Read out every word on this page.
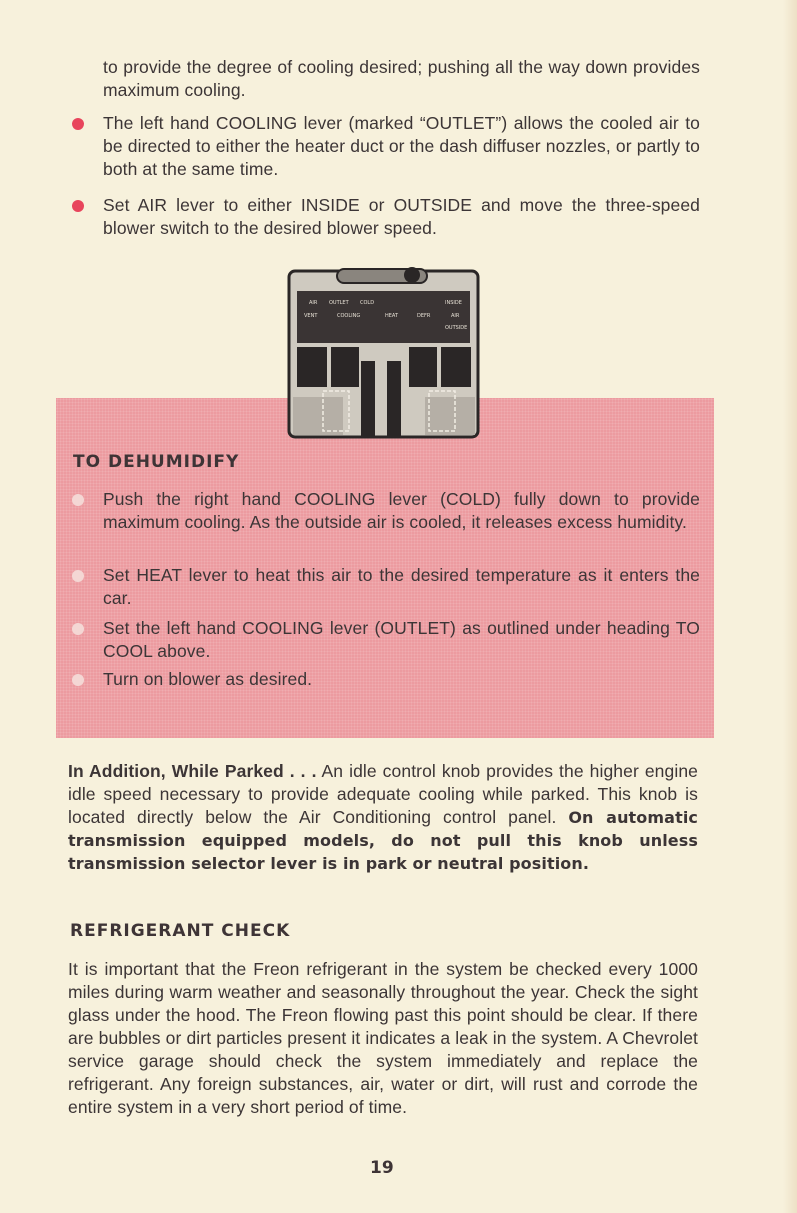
to provide the degree of cooling desired; pushing all the way down provides maximum cooling.

The left hand COOLING lever (marked “OUTLET”) allows the cooled air to be directed to either the heater duct or the dash diffuser nozzles, or partly to both at the same time.
Set AIR lever to either INSIDE or OUTSIDE and move the three-speed blower switch to the desired blower speed.
TO DEHUMIDIFY
Push the right hand COOLING lever (COLD) fully down to provide maximum cooling. As the outside air is cooled, it releases excess humidity.
Set HEAT lever to heat this air to the desired temperature as it enters the car.
Set the left hand COOLING lever (OUTLET) as outlined under heading TO COOL above.
Turn on blower as desired.
AIR
VENT
OUTLET
COOLING
COLD
HEAT	DEFR
INSIDE
AIR
OUTSIDE

In Addition, While Parked . . . An idle control knob provides the higher engine idle speed necessary to provide adequate cooling while parked. This knob is located directly below the Air Conditioning control panel. On automatic transmission equipped models, do not pull this knob unless transmission selector lever is in park or neutral position.

REFRIGERANT CHECK

It is important that the Freon refrigerant in the system be checked every 1000 miles during warm weather and seasonally throughout the year. Check the sight glass under the hood. The Freon flowing past this point should be clear. If there are bubbles or dirt particles present it indicates a leak in the system. A Chevrolet service garage should check the system immediately and replace the refrigerant. Any foreign substances, air, water or dirt, will rust and corrode the entire system in a very short period of time.

19
